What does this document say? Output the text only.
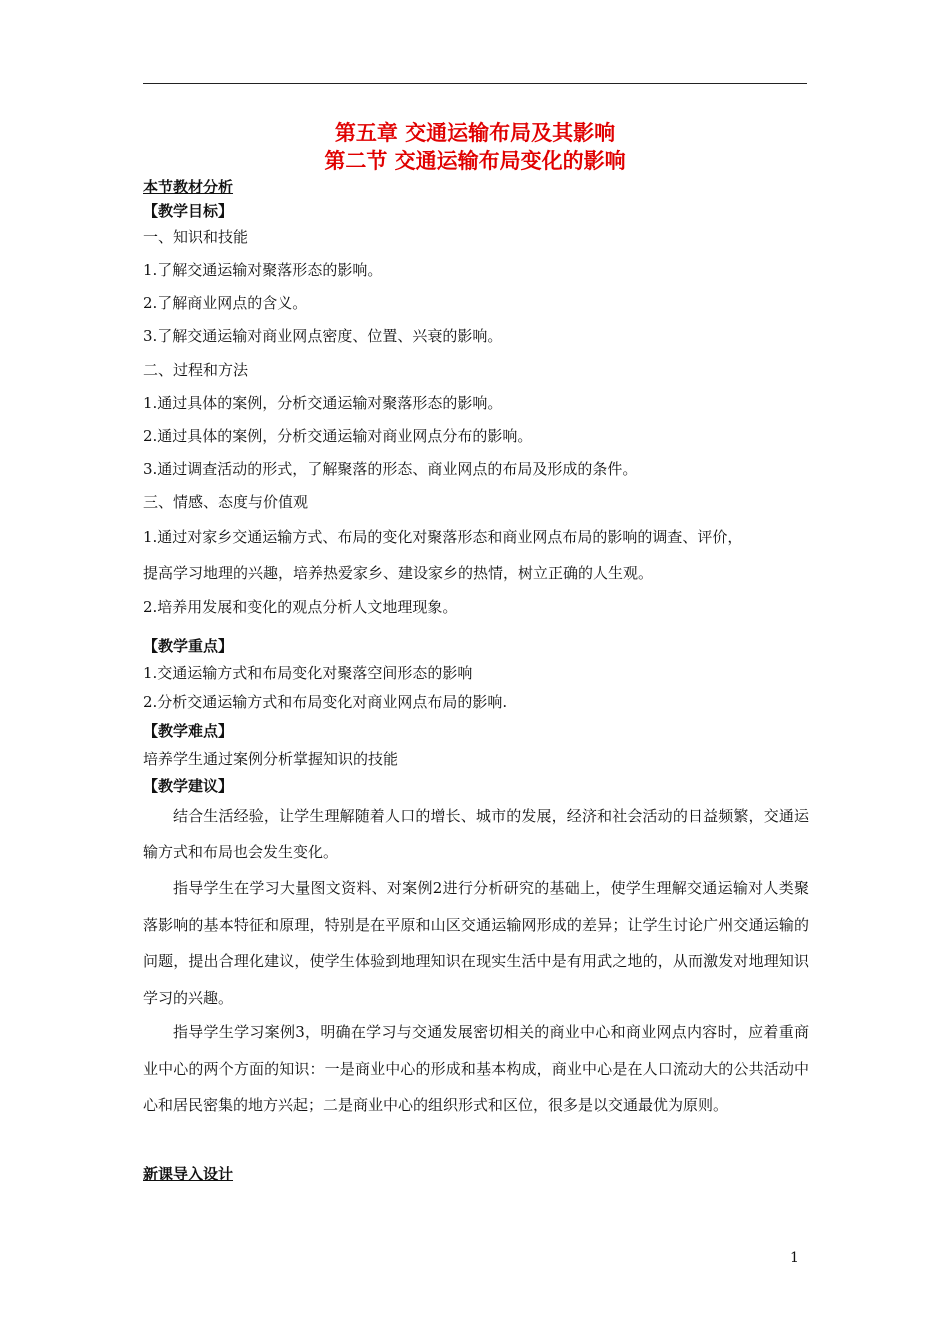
第五章 交通运输布局及其影响
第二节 交通运输布局变化的影响
本节教材分析
【教学目标】
一、知识和技能
1.了解交通运输对聚落形态的影响。
2.了解商业网点的含义。
3.了解交通运输对商业网点密度、位置、兴衰的影响。
二、过程和方法
1.通过具体的案例，分析交通运输对聚落形态的影响。
2.通过具体的案例，分析交通运输对商业网点分布的影响。
3.通过调查活动的形式，了解聚落的形态、商业网点的布局及形成的条件。
三、情感、态度与价值观
1.通过对家乡交通运输方式、布局的变化对聚落形态和商业网点布局的影响的调查、评价，
提高学习地理的兴趣，培养热爱家乡、建设家乡的热情，树立正确的人生观。
2.培养用发展和变化的观点分析人文地理现象。
【教学重点】
1.交通运输方式和布局变化对聚落空间形态的影响
2.分析交通运输方式和布局变化对商业网点布局的影响.
【教学难点】
培养学生通过案例分析掌握知识的技能
【教学建议】
结合生活经验，让学生理解随着人口的增长、城市的发展，经济和社会活动的日益频繁，交通运输方式和布局也会发生变化。
指导学生在学习大量图文资料、对案例2进行分析研究的基础上，使学生理解交通运输对人类聚落影响的基本特征和原理，特别是在平原和山区交通运输网形成的差异；让学生讨论广州交通运输的问题，提出合理化建议，使学生体验到地理知识在现实生活中是有用武之地的，从而激发对地理知识学习的兴趣。
指导学生学习案例3，明确在学习与交通发展密切相关的商业中心和商业网点内容时，应着重商业中心的两个方面的知识：一是商业中心的形成和基本构成，商业中心是在人口流动大的公共活动中心和居民密集的地方兴起；二是商业中心的组织形式和区位，很多是以交通最优为原则。
新课导入设计
1
